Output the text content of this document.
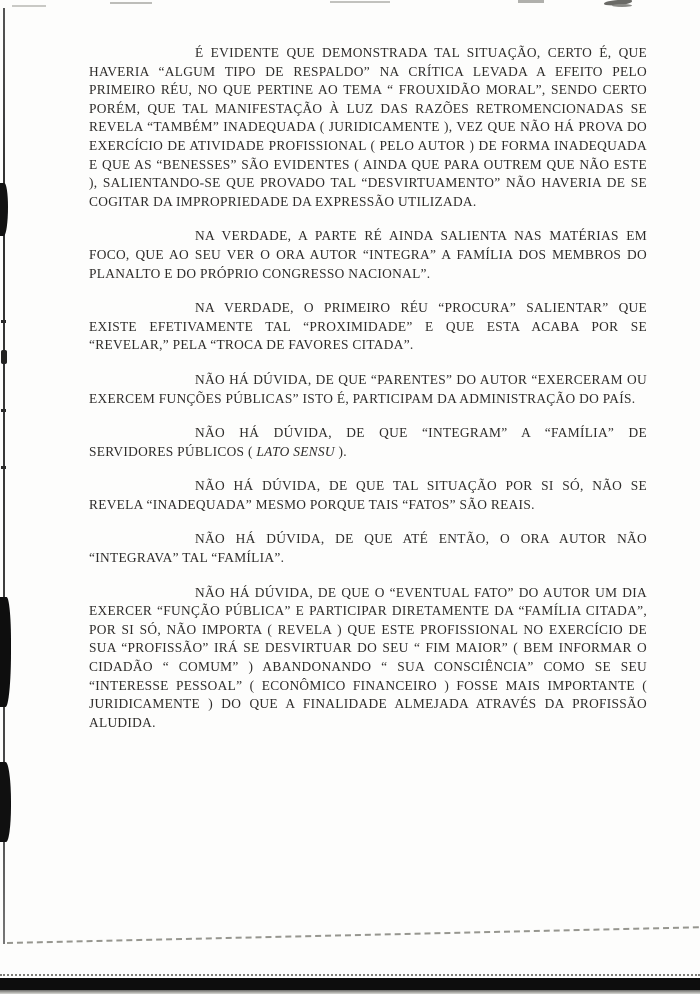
É EVIDENTE QUE DEMONSTRADA TAL SITUAÇÃO, CERTO É, QUE HAVERIA “ALGUM TIPO DE RESPALDO” NA CRÍTICA LEVADA A EFEITO PELO PRIMEIRO RÉU, NO QUE PERTINE AO TEMA “ FROUXIDÃO MORAL”, SENDO CERTO PORÉM, QUE TAL MANIFESTAÇÃO À LUZ DAS RAZÕES RETROMENCIONADAS SE REVELA “TAMBÉM” INADEQUADA ( JURIDICAMENTE ), VEZ QUE NÃO HÁ PROVA DO EXERCÍCIO DE ATIVIDADE PROFISSIONAL ( PELO AUTOR ) DE FORMA INADEQUADA E QUE AS “BENESSES” SÃO EVIDENTES ( AINDA QUE PARA OUTREM QUE NÃO ESTE ), SALIENTANDO-SE QUE PROVADO TAL “DESVIRTUAMENTO” NÃO HAVERIA DE SE COGITAR DA IMPROPRIEDADE DA EXPRESSÃO UTILIZADA.

NA VERDADE, A PARTE RÉ AINDA SALIENTA NAS MATÉRIAS EM FOCO, QUE AO SEU VER O ORA AUTOR “INTEGRA” A FAMÍLIA DOS MEMBROS DO PLANALTO E DO PRÓPRIO CONGRESSO NACIONAL”.

NA VERDADE, O PRIMEIRO RÉU “PROCURA” SALIENTAR” QUE EXISTE EFETIVAMENTE TAL “PROXIMIDADE” E QUE ESTA ACABA POR SE “REVELAR,” PELA “TROCA DE FAVORES CITADA”.

NÃO HÁ DÚVIDA, DE QUE “PARENTES” DO AUTOR “EXERCERAM OU EXERCEM FUNÇÕES PÚBLICAS” ISTO É, PARTICIPAM DA ADMINISTRAÇÃO DO PAÍS.

NÃO HÁ DÚVIDA, DE QUE “INTEGRAM” A “FAMÍLIA” DE SERVIDORES PÚBLICOS ( LATO SENSU ).

NÃO HÁ DÚVIDA, DE QUE TAL SITUAÇÃO POR SI SÓ, NÃO SE REVELA “INADEQUADA” MESMO PORQUE TAIS “FATOS” SÃO REAIS.

NÃO HÁ DÚVIDA, DE QUE ATÉ ENTÃO, O ORA AUTOR NÃO “INTEGRAVA” TAL “FAMÍLIA”.

NÃO HÁ DÚVIDA, DE QUE O “EVENTUAL FATO” DO AUTOR UM DIA EXERCER “FUNÇÃO PÚBLICA” E PARTICIPAR DIRETAMENTE DA “FAMÍLIA CITADA”, POR SI SÓ, NÃO IMPORTA ( REVELA ) QUE ESTE PROFISSIONAL NO EXERCÍCIO DE SUA “PROFISSÃO” IRÁ SE DESVIRTUAR DO SEU “ FIM MAIOR” ( BEM INFORMAR O CIDADÃO “ COMUM” ) ABANDONANDO “ SUA CONSCIÊNCIA” COMO SE SEU “INTERESSE PESSOAL” ( ECONÔMICO FINANCEIRO ) FOSSE MAIS IMPORTANTE ( JURIDICAMENTE ) DO QUE A FINALIDADE ALMEJADA ATRAVÉS DA PROFISSÃO ALUDIDA.
